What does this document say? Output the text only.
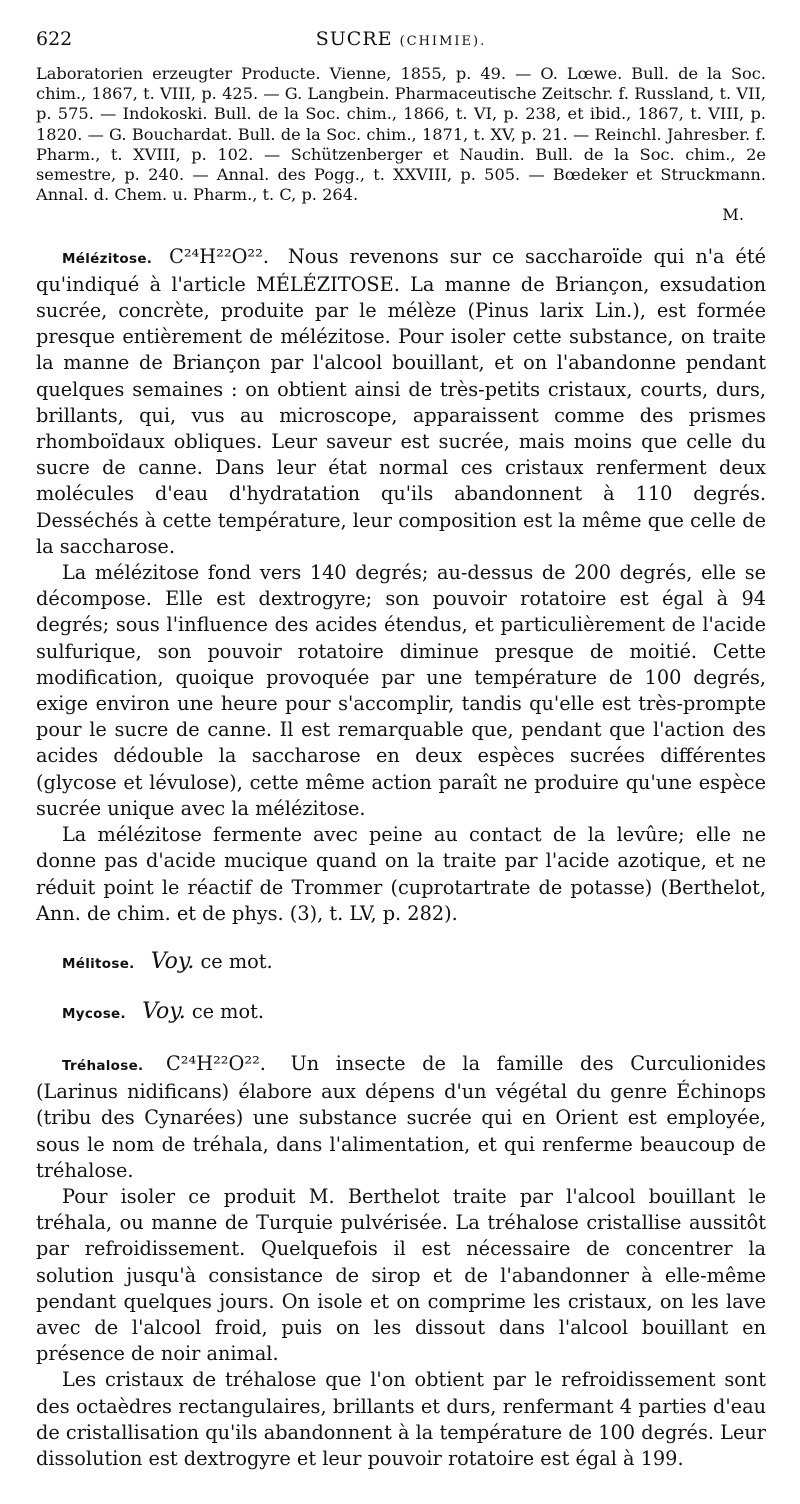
622	SUCRE (CHIMIE).
Laboratorien erzeugter Producte. Vienne, 1855, p. 49. — O. Lœwe. Bull. de la Soc. chim., 1867, t. VIII, p. 425. — G. Langbein. Pharmaceutische Zeitschr. f. Russland, t. VII, p. 575. — Indokoski. Bull. de la Soc. chim., 1866, t. VI, p. 238, et ibid., 1867, t. VIII, p. 1820. — G. Bouchardat. Bull. de la Soc. chim., 1871, t. XV, p. 21. — Reinchl. Jahresber. f. Pharm., t. XVIII, p. 102. — Schützenberger et Naudin. Bull. de la Soc. chim., 2e semestre, p. 240. — Annal. des Pogg., t. XXVIII, p. 505. — Bœdeker et Struckmann. Annal. d. Chem. u. Pharm., t. C, p. 264.
M.

Mélézitose. C²⁴H²²O²². Nous revenons sur ce saccharoïde qui n'a été qu'indiqué à l'article MÉLÉZITOSE. La manne de Briançon, exsudation sucrée, concrète, produite par le mélèze (Pinus larix Lin.), est formée presque entièrement de mélézitose. Pour isoler cette substance, on traite la manne de Briançon par l'alcool bouillant, et on l'abandonne pendant quelques semaines : on obtient ainsi de très-petits cristaux, courts, durs, brillants, qui, vus au microscope, apparaissent comme des prismes rhomboïdaux obliques. Leur saveur est sucrée, mais moins que celle du sucre de canne. Dans leur état normal ces cristaux renferment deux molécules d'eau d'hydratation qu'ils abandonnent à 110 degrés. Desséchés à cette température, leur composition est la même que celle de la saccharose.

La mélézitose fond vers 140 degrés; au-dessus de 200 degrés, elle se décompose. Elle est dextrogyre; son pouvoir rotatoire est égal à 94 degrés; sous l'influence des acides étendus, et particulièrement de l'acide sulfurique, son pouvoir rotatoire diminue presque de moitié. Cette modification, quoique provoquée par une température de 100 degrés, exige environ une heure pour s'accomplir, tandis qu'elle est très-prompte pour le sucre de canne. Il est remarquable que, pendant que l'action des acides dédouble la saccharose en deux espèces sucrées différentes (glycose et lévulose), cette même action paraît ne produire qu'une espèce sucrée unique avec la mélézitose.

La mélézitose fermente avec peine au contact de la levûre; elle ne donne pas d'acide mucique quand on la traite par l'acide azotique, et ne réduit point le réactif de Trommer (cuprotartrate de potasse) (Berthelot, Ann. de chim. et de phys. (3), t. LV, p. 282).

Mélitose. Voy. ce mot.
Mycose. Voy. ce mot.

Tréhalose. C²⁴H²²O²². Un insecte de la famille des Curculionides (Larinus nidificans) élabore aux dépens d'un végétal du genre Échinops (tribu des Cynarées) une substance sucrée qui en Orient est employée, sous le nom de tréhala, dans l'alimentation, et qui renferme beaucoup de tréhalose.

Pour isoler ce produit M. Berthelot traite par l'alcool bouillant le tréhala, ou manne de Turquie pulvérisée. La tréhalose cristallise aussitôt par refroidissement. Quelquefois il est nécessaire de concentrer la solution jusqu'à consistance de sirop et de l'abandonner à elle-même pendant quelques jours. On isole et on comprime les cristaux, on les lave avec de l'alcool froid, puis on les dissout dans l'alcool bouillant en présence de noir animal.

Les cristaux de tréhalose que l'on obtient par le refroidissement sont des octaèdres rectangulaires, brillants et durs, renfermant 4 parties d'eau de cristallisation qu'ils abandonnent à la température de 100 degrés. Leur dissolution est dextrogyre et leur pouvoir rotatoire est égal à 199.
